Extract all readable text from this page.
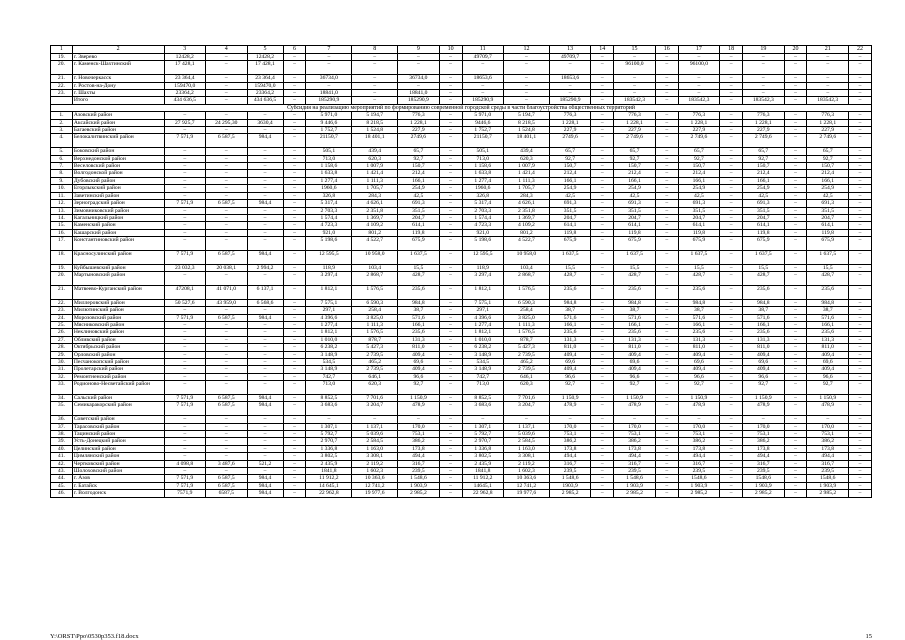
1	2	3	4	5	6	7	8	9	10	11	12	13	14	15	16	17	18	19	20	21	22
19.	г. Зверево	12428,2	–	12428,2	–	–	–	–	–	49709,7	–	49709,7	–	–	–	–	–	–	–	–	–
20.	г. Каменск-Шахтинский	17 428,1	–	17 428,1	–	–	–	–	–	–	–	–	–	96100,0	–	96100,0	–	–	–	–	–
21.	г. Новочеркасск	23 364,4	–	23 364,4	–	36734,0	–	36734,0	–	18653,6	–	18653,6	–	–	–	–	–	–	–	–	–
22.	г. Ростов-на-Дону	159470,0	–	159470,0	–	–	–	–	–	–	–	–	–	–	–	–	–	–	–	–	–
23.	г. Шахты	23364,2	–	23364,2	–	18841,0	–	18841,0	–	–	–	–	–	–	–	–	–	–	–	–	–
	Итого	434 636,5	–	434 636,5	–	185290,9	–	185290,9	–	185290,9	–	185290,9	–	183542,3	–	183542,3	–	183542,3	–	183542,3	–
Субсидия на реализацию мероприятий по формированию современной городской среды в части благоустройства общественных территорий																					
1.	Азовский район	–	–	–	–	5 971,0	5 194,7	776,3	–	5 971,0	5 194,7	776,3	–	776,3	–	776,3	–	776,3	–	776,3	–
2.	Аксайский район	27 925,7	24 295,30	3630,4	–	9 446,6	8 218,5	1 228,1	–	9446,6	8 218,5	1 228,1	–	1 228,1	–	1 228,1	–	1 228,1	–	1 228,1	–
3.	Багаевский район	–	–	–	–	1 752,7	1 524,8	227,9	–	1 752,7	1 524,8	227,9	–	227,9	–	227,9	–	227,9	–	227,9	–
4.	Белокалитвинский район	7 571,9	6 587,5	984,4	–	21150,7	18 401,1	2749,6	–	21150,7	18 401,1	2749,6	–	2 749,6	–	2 749,6	–	2 749,6	–	2 749,6	–
5.	Боковский район	–	–	–	–	505,1	439,4	65,7	–	505,1	439,4	65,7	–	65,7	–	65,7	–	65,7	–	65,7	–
6.	Верхнедонской район	–	–	–	–	713,0	620,3	92,7	–	713,0	620,3	92,7	–	92,7	–	92,7	–	92,7	–	92,7	–
7.	Веселовский район	–	–	–	–	1 158,6	1 007,9	150,7	–	1 158,6	1 007,9	150,7	–	150,7	–	150,7	–	150,7	–	150,7	–
8.	Волгодонской район	–	–	–	–	1 633,8	1 421,4	212,4	–	1 633,8	1 421,4	212,4	–	212,4	–	212,4	–	212,4	–	212,4	–
9.	Дубовский район	–	–	–	–	1 277,4	1 111,3	166,1	–	1 277,4	1 111,3	166,1	–	166,1	–	166,1	–	166,1	–	166,1	–
10.	Егорлыкский район	–	–	–	–	1960,6	1 705,7	254,9	–	1960,6	1 705,7	254,9	–	254,9	–	254,9	–	254,9	–	254,9	–
11.	Заветинский район	–	–	–	–	326,8	284,3	42,5	–	326,8	284,3	42,5	–	42,5	–	42,5	–	42,5	–	42,5	–
12.	Зерноградский район	7 571,9	6 587,5	984,4	–	5 317,4	4 626,1	691,3	–	5 317,4	4 626,1	691,3	–	691,3	–	691,3	–	691,3	–	691,3	–
13.	Зимовниковский район	–	–	–	–	2 703,3	2 351,8	351,5	–	2 703,3	2 351,8	351,5	–	351,5	–	351,5	–	351,5	–	351,5	–
14.	Кагальницкий район	–	–	–	–	1 574,4	1 369,7	204,7	–	1 574,4	1 369,7	204,7	–	204,7	–	204,7	–	204,7	–	204,7	–
15.	Каменский район	–	–	–	–	4 723,3	4 109,2	614,1	–	4 723,3	4 109,2	614,1	–	614,1	–	614,1	–	614,1	–	614,1	–
16.	Кашарский район	–	–	–	–	921,0	801,2	119,8	–	921,0	801,2	119,8	–	119,8	–	119,8	–	119,8	–	119,8	–
17.	Константиновский район	–	–	–	–	5 198,6	4 522,7	675,9	–	5 198,6	4 522,7	675,9	–	675,9	–	675,9	–	675,9	–	675,9	–
18.	Красносулинский район	7 571,9	6 587,5	984,4	–	12 595,5	10 958,0	1 637,5	–	12 595,5	10 958,0	1 637,5	–	1 637,5	–	1 637,5	–	1 637,5	–	1 637,5	–
19.	Куйбышевский район	23 032,3	20 038,1	2 994,2	–	118,9	103,4	15,5	–	118,9	103,4	15,5	–	15,5	–	15,5	–	15,5	–	15,5	–
20.	Мартыновский район	–	–	–	–	3 297,4	2 868,7	428,7	–	3 297,4	2 868,7	428,7	–	428,7	–	428,7	–	428,7	–	428,7	–
21.	Матвеево-Курганский район	47208,1	41 071,0	6 137,1	–	1 812,1	1 576,5	235,6	–	1 812,1	1 576,5	235,6	–	235,6	–	235,6	–	235,6	–	235,6	–
22.	Миллеровский район	50 527,6	43 959,0	6 568,6	–	7 575,1	6 590,3	984,8	–	7 575,1	6 590,3	984,8	–	984,8	–	984,8	–	984,8	–	984,8	–
23.	Милютинский район	–	–	–	–	297,1	258,4	38,7	–	297,1	258,4	38,7	–	38,7	–	38,7	–	38,7	–	38,7	–
24.	Морозовский район	7 571,9	6 587,5	984,4	–	4 396,6	3 825,0	571,6	–	4 396,6	3 825,0	571,6	–	571,6	–	571,6	–	571,6	–	571,6	–
25.	Мясниковский район	–	–	–	–	1 277,4	1 111,3	166,1	–	1 277,4	1 111,3	166,1	–	166,1	–	166,1	–	166,1	–	166,1	–
26.	Неклиновский район	–	–	–	–	1 812,1	1 576,5	235,6	–	1 812,1	1 576,5	235,6	–	235,6	–	235,6	–	235,6	–	235,6	–
27.	Обливский район	–	–	–	–	1 010,0	878,7	131,3	–	1 010,0	878,7	131,3	–	131,3	–	131,3	–	131,3	–	131,3	–
28.	Октябрьский район	–	–	–	–	6 238,2	5 427,3	811,0	–	6 238,2	5 427,3	811,0	–	811,0	–	811,0	–	811,0	–	811,0	–
29.	Орловский район	–	–	–	–	3 148,9	2 739,5	409,4	–	3 148,9	2 739,5	409,4	–	409,4	–	409,4	–	409,4	–	409,4	–
30.	Песчанокопский район	–	–	–	–	534,5	465,2	69,6	–	534,5	465,2	69,6	–	69,6	–	69,6	–	69,6	–	69,6	–
31.	Пролетарский район	–	–	–	–	3 148,9	2 739,5	409,4	–	3 148,9	2 739,5	409,4	–	409,4	–	409,4	–	409,4	–	409,4	–
32.	Ремонтненский район	–	–	–	–	742,7	646,1	96,6	–	742,7	646,1	96,6	–	96,6	–	96,6	–	96,6	–	96,6	–
33.	Родионово-Несветайский район	–	–	–	–	713,0	620,3	92,7	–	713,0	620,3	92,7	–	92,7	–	92,7	–	92,7	–	92,7	–
34.	Сальский район	7 571,9	6 587,5	984,4	–	8 852,5	7 701,6	1 150,9	–	8 852,5	7 701,6	1 150,9	–	1 150,9	–	1 150,9	–	1 150,9	–	1 150,9	–
35.	Семикаракорский район	7 571,9	6 587,5	984,4	–	3 683,6	3 204,7	478,9	–	3 683,6	3 204,7	478,9	–	478,9	–	478,9	–	478,9	–	478,9	–
36.	Советский район	–	–	–	–	–	–	–	–	–	–	–	–	–	–	–	–	–	–	–	–
37.	Тарасовский район	–	–	–	–	1 307,1	1 137,1	170,0	–	1 307,1	1 137,1	170,0	–	170,0	–	170,0	–	170,0	–	170,0	–
38.	Тацинский район	–	–	–	–	5 792,7	5 039,6	753,1	–	5 792,7	5 039,6	753,1	–	753,1	–	753,1	–	753,1	–	753,1	–
39.	Усть-Донецкий район	–	–	–	–	2 970,7	2 584,5	386,2	–	2 970,7	2 584,5	386,2	–	386,2	–	386,2	–	386,2	–	386,2	–
40.	Целинский район	–	–	–	–	1 336,8	1 163,0	173,8	–	1 336,8	1 163,0	173,8	–	173,8	–	173,8	–	173,8	–	173,8	–
41.	Цимлянский район	–	–	–	–	3 802,5	3 308,1	494,4	–	3 802,5	3 308,1	494,4	–	494,4	–	494,4	–	494,4	–	494,4	–
42.	Чертковский район	4 098,8	3 487,6	521,2	–	2 435,9	2 119,2	316,7	–	2 435,9	2 119,2	316,7	–	316,7	–	316,7	–	316,7	–	316,7	–
43.	Шолоховский район	–	–	–	–	1841,8	1 602,3	239,5	–	1841,8	1 602,3	239,5	–	239,5	–	239,5	–	239,5	–	239,5	–
44.	г. Азов	7 571,9	6 587,5	984,4	–	11 912,2	10 363,6	1 548,6	–	11 912,2	10 363,6	1 548,6	–	1 548,6	–	1548,6	–	1548,6	–	1548,6	–
45.	г. Батайск	7 571,9	6 587,5	984,4	–	14 645,1	12 741,2	1 903,9	–	14645,1	12 741,2	1903,9	–	1 903,9	–	1 903,9	–	1 903,9	–	1 903,9	–
46.	г. Волгодонск	7571,9	6587,5	984,4	–	22 962,8	19 977,6	2 985,2	–	22 962,8	19 977,6	2 985,2	–	2 985,2	–	2 985,2	–	2 985,2	–	2 985,2	–
Y:\ORST\Ppo\0530p353.f18.docx	15
